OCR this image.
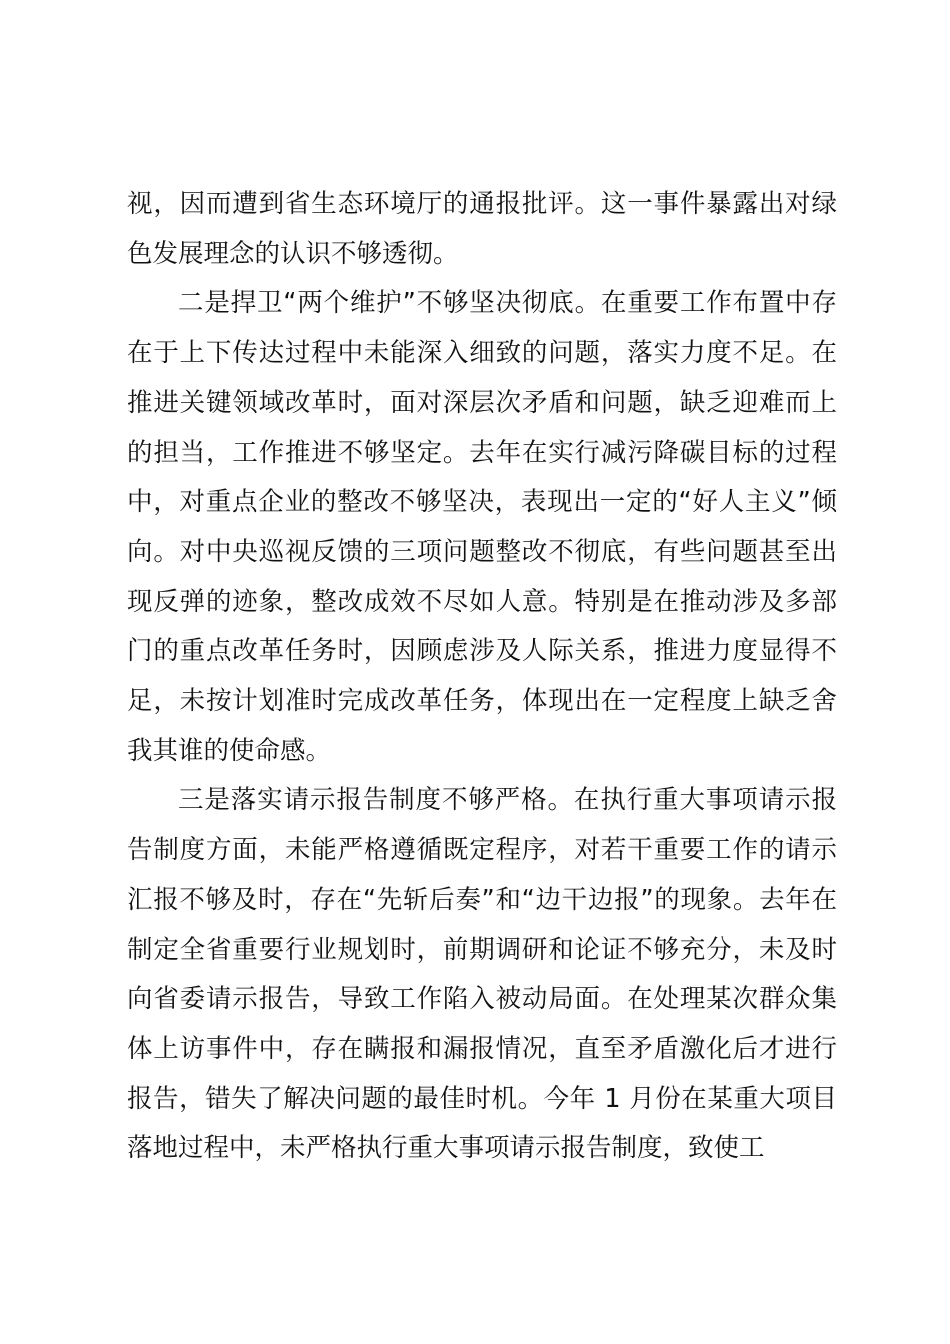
视，因而遭到省生态环境厅的通报批评。这一事件暴露出对绿色发展理念的认识不够透彻。

二是捍卫“两个维护”不够坚决彻底。在重要工作布置中存在于上下传达过程中未能深入细致的问题，落实力度不足。在推进关键领域改革时，面对深层次矛盾和问题，缺乏迎难而上的担当，工作推进不够坚定。去年在实行减污降碳目标的过程中，对重点企业的整改不够坚决，表现出一定的“好人主义”倾向。对中央巡视反馈的三项问题整改不彻底，有些问题甚至出现反弹的迹象，整改成效不尽如人意。特别是在推动涉及多部门的重点改革任务时，因顾虑涉及人际关系，推进力度显得不足，未按计划准时完成改革任务，体现出在一定程度上缺乏舍我其谁的使命感。

三是落实请示报告制度不够严格。在执行重大事项请示报告制度方面，未能严格遵循既定程序，对若干重要工作的请示汇报不够及时，存在“先斩后奏”和“边干边报”的现象。去年在制定全省重要行业规划时，前期调研和论证不够充分，未及时向省委请示报告，导致工作陷入被动局面。在处理某次群众集体上访事件中，存在瞒报和漏报情况，直至矛盾激化后才进行报告，错失了解决问题的最佳时机。今年 1 月份在某重大项目落地过程中，未严格执行重大事项请示报告制度，致使工
